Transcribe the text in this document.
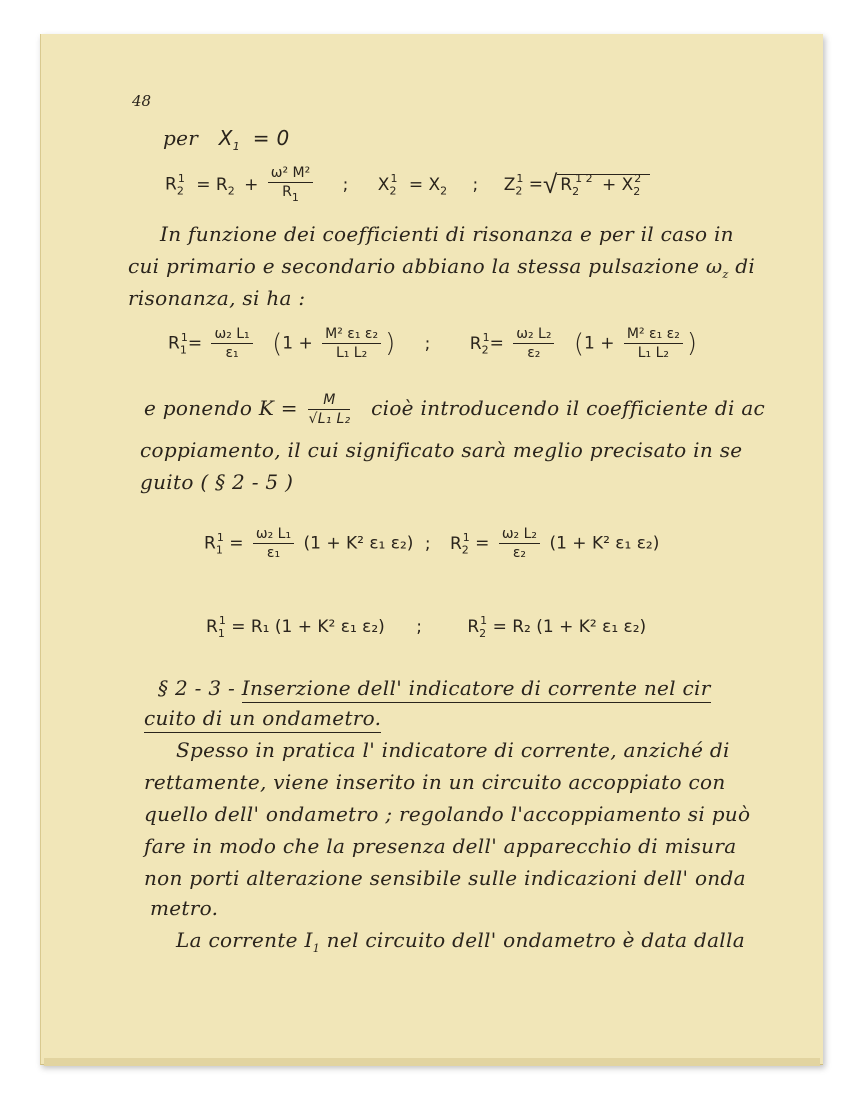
48
per $X_1 = 0$
$R_2^1 = R_2 + \frac{\text{ω² M²}}{R_1}$ ; $X_2^1 = X_2$ ; $Z_2^1$ =√ $R_2^{1 2} + X_2^2$
In funzione dei coefficienti di risonanza e per il caso in
cui primario e secondario abbiano la stessa pulsazione $\omega_z$ di
risonanza, si ha :
$R_1^1= \frac{\text{ω₂ L₁}}{\text{ε₁}} (1 + \frac{\text{M² ε₁ ε₂}}{\text{L₁ L₂}}$ ) ; $R_2^1= \frac{\text{ω₂ L₂}}{\text{ε₂}} (1 + \frac{\text{M² ε₁ ε₂}}{\text{L₁ L₂}}$ )
e ponendo $K = \frac{M}{\text{√L₁ L₂}}$ cioè introducendo il coefficiente di ac
coppiamento, il cui significato sarà meglio precisato in se
guito ( § 2 - 5 )
$R_1^1 = \frac{\text{ω₂ L₁}}{\text{ε₁}} (1 + K^2$ ε₁ ε₂) ; $R_2^1 = \frac{\text{ω₂ L₂}}{\text{ε₂}} (1 + K^2$ ε₁ ε₂)
$R_1^1 = R_1$ (1 + K² ε₁ ε₂) ;	$R_2^1 = R_2$ (1 + K² ε₁ ε₂)
§ 2 - 3 - Inserzione dell' indicatore di corrente nel cir
cuito di un ondametro.
Spesso in pratica l' indicatore di corrente, anziché di
rettamente, viene inserito in un circuito accoppiato con
quello dell' ondametro ; regolando l'accoppiamento si può
fare in modo che la presenza dell' apparecchio di misura
non porti alterazione sensibile sulle indicazioni dell' onda
metro.
La corrente $I_1$ nel circuito dell' ondametro è data dalla
